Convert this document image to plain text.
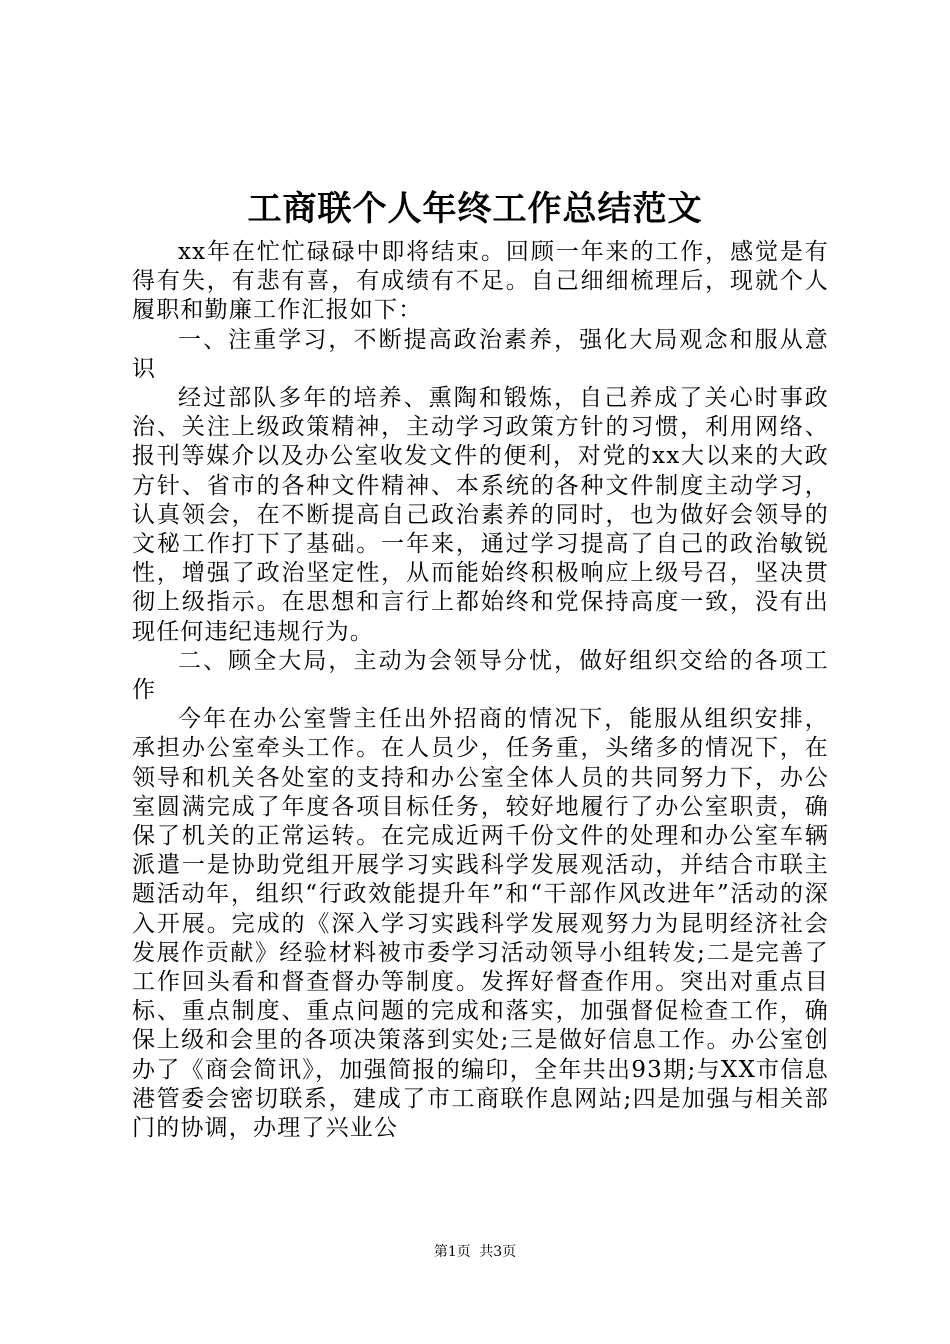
工商联个人年终工作总结范文

xx年在忙忙碌碌中即将结束。回顾一年来的工作，感觉是有得有失，有悲有喜，有成绩有不足。自己细细梳理后，现就个人履职和勤廉工作汇报如下：

一、注重学习，不断提高政治素养，强化大局观念和服从意识

经过部队多年的培养、熏陶和锻炼，自己养成了关心时事政治、关注上级政策精神，主动学习政策方针的习惯，利用网络、报刊等媒介以及办公室收发文件的便利，对党的xx大以来的大政方针、省市的各种文件精神、本系统的各种文件制度主动学习，认真领会，在不断提高自己政治素养的同时，也为做好会领导的文秘工作打下了基础。一年来，通过学习提高了自己的政治敏锐性，增强了政治坚定性，从而能始终积极响应上级号召，坚决贯彻上级指示。在思想和言行上都始终和党保持高度一致，没有出现任何违纪违规行为。

二、顾全大局，主动为会领导分忧，做好组织交给的各项工作

今年在办公室訾主任出外招商的情况下，能服从组织安排，承担办公室牵头工作。在人员少，任务重，头绪多的情况下，在领导和机关各处室的支持和办公室全体人员的共同努力下，办公室圆满完成了年度各项目标任务，较好地履行了办公室职责，确保了机关的正常运转。在完成近两千份文件的处理和办公室车辆派遣一是协助党组开展学习实践科学发展观活动，并结合市联主题活动年，组织“行政效能提升年”和“干部作风改进年”活动的深入开展。完成的《深入学习实践科学发展观努力为昆明经济社会发展作贡献》经验材料被市委学习活动领导小组转发;二是完善了工作回头看和督查督办等制度。发挥好督查作用。突出对重点目标、重点制度、重点问题的完成和落实，加强督促检查工作，确保上级和会里的各项决策落到实处;三是做好信息工作。办公室创办了《商会简讯》，加强简报的编印，全年共出93期;与XX市信息港管委会密切联系，建成了市工商联作息网站;四是加强与相关部门的协调，办理了兴业公

第1页 共3页
